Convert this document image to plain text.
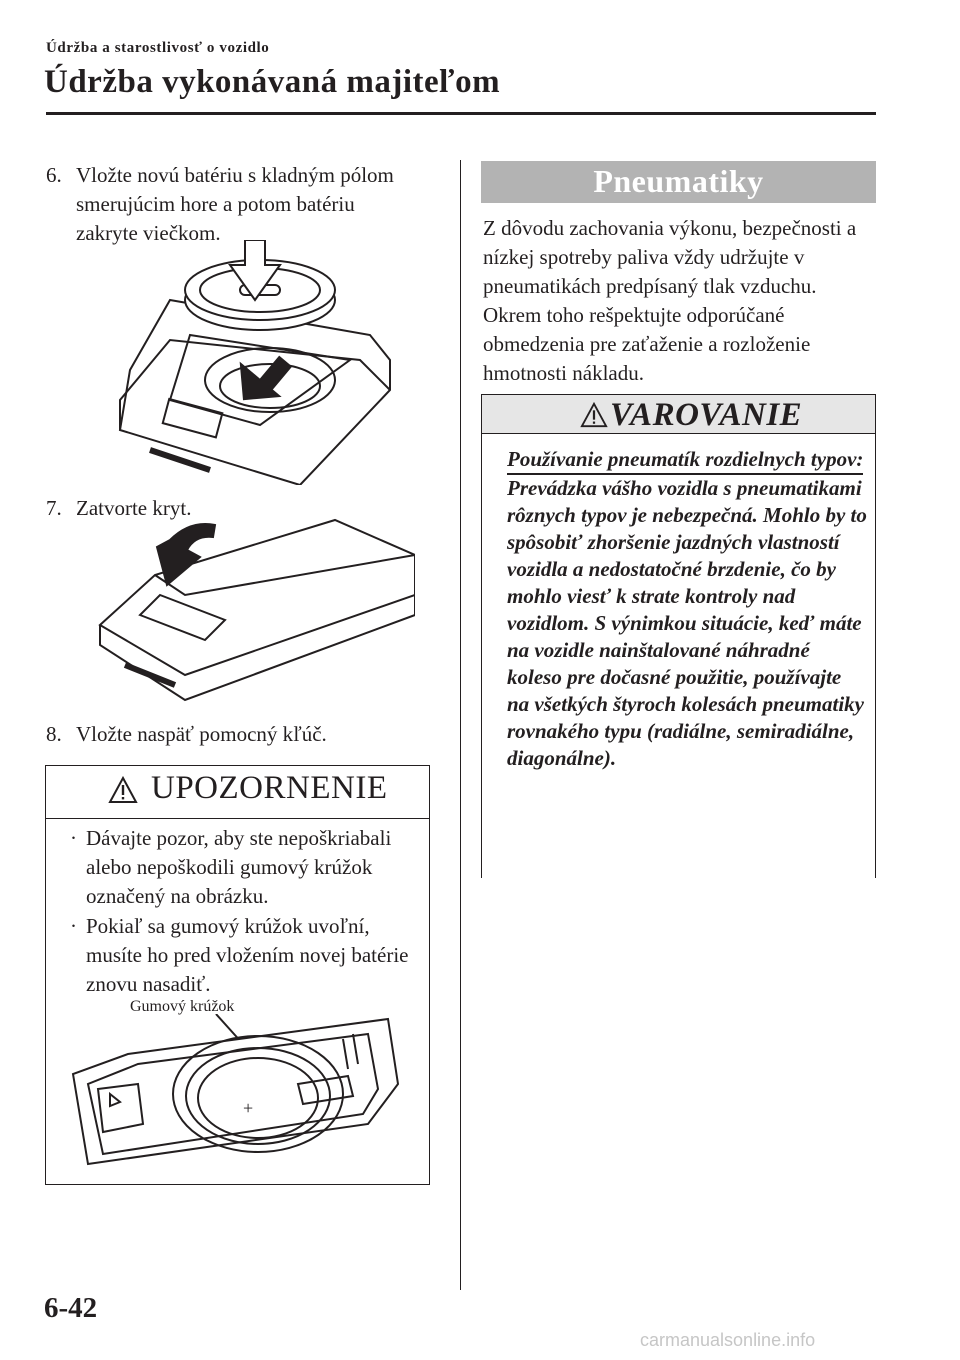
Údržba a starostlivosť o vozidlo
Údržba vykonávaná majiteľom
6. Vložte novú batériu s kladným pólom smerujúcim hore a potom batériu zakryte viečkom.
7. Zatvorte kryt.
8. Vložte naspäť pomocný kľúč.
UPOZORNENIE
· Dávajte pozor, aby ste nepoškriabali alebo nepoškodili gumový krúžok označený na obrázku.
· Pokiaľ sa gumový krúžok uvoľní, musíte ho pred vložením novej batérie znovu nasadiť.
Gumový krúžok
+
Pneumatiky
Z dôvodu zachovania výkonu, bezpečnosti a nízkej spotreby paliva vždy udržujte v pneumatikách predpísaný tlak vzduchu. Okrem toho rešpektujte odporúčané obmedzenia pre zaťaženie a rozloženie hmotnosti nákladu.
VAROVANIE
Používanie pneumatík rozdielnych typov:
Prevádzka vášho vozidla s pneumatikami rôznych typov je nebezpečná. Mohlo by to spôsobiť zhoršenie jazdných vlastností vozidla a nedostatočné brzdenie, čo by mohlo viesť k strate kontroly nad vozidlom. S výnimkou situácie, keď máte na vozidle nainštalované náhradné koleso pre dočasné použitie, používajte na všetkých štyroch kolesách pneumatiky rovnakého typu (radiálne, semiradiálne, diagonálne).
6-42
carmanualsonline.info
